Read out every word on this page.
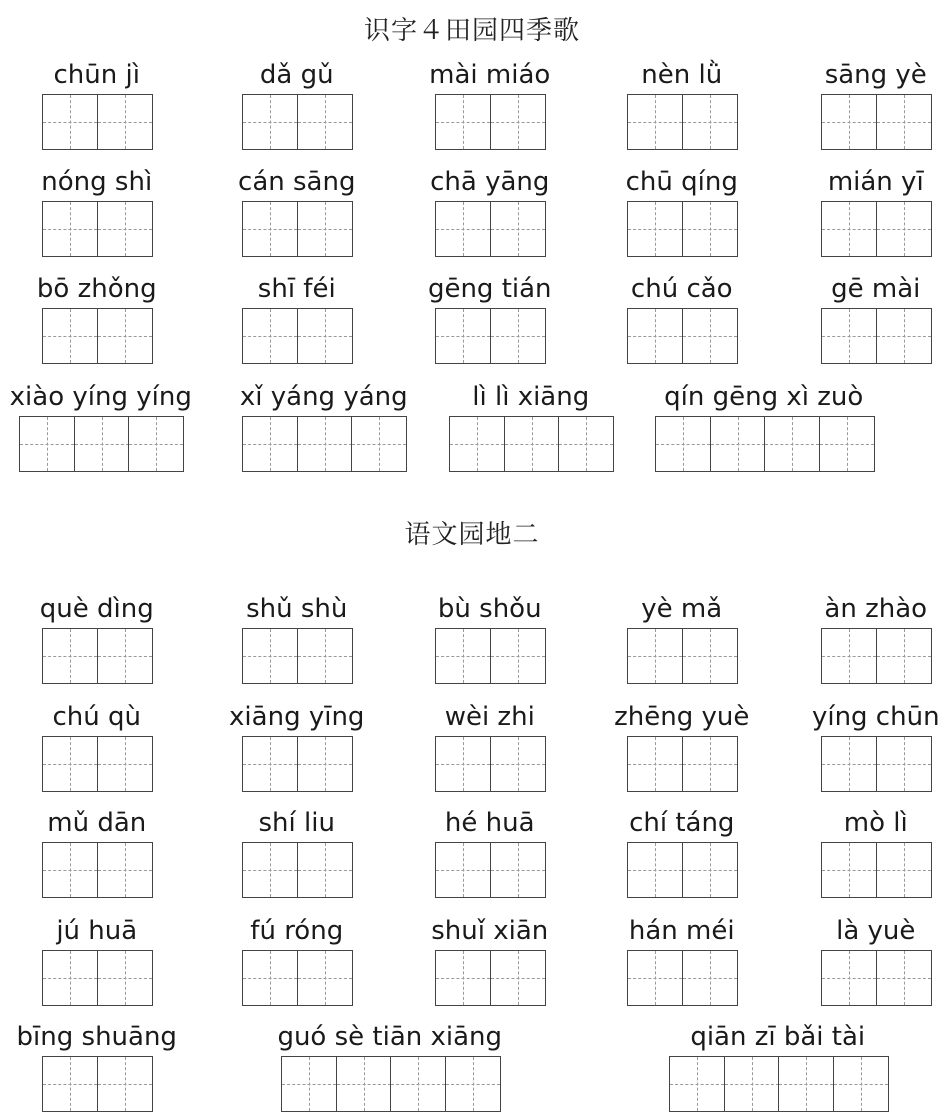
识字４田园四季歌
语文园地二
chūn jì	dǎ gǔ	mài miáo	nèn lǜ	sāng yè
nóng shì	cán sāng	chā yāng	chū qíng	mián yī
bō zhǒng	shī féi	gēng tián	chú cǎo	gē mài
xiào yíng yíng	xǐ yáng yáng	lì lì xiāng	qín gēng xì zuò
què dìng	shǔ shù	bù shǒu	yè mǎ	àn zhào
chú qù	xiāng yīng	wèi zhi	zhēng yuè	yíng chūn
mǔ dān	shí liu	hé huā	chí táng	mò lì
jú huā	fú róng	shuǐ xiān	hán méi	là yuè
bīng shuāng	guó sè tiān xiāng	qiān zī bǎi tài
